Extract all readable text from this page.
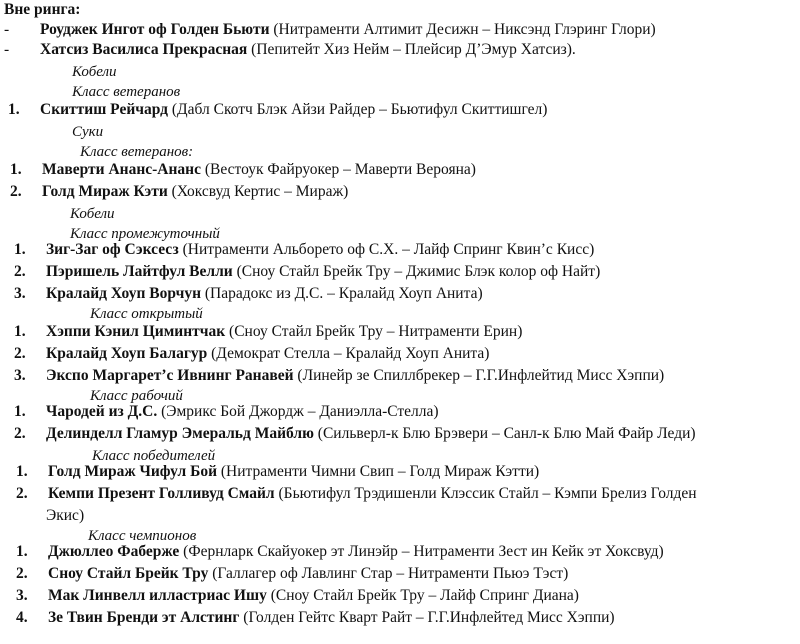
Вне ринга:
-	Роуджек Ингот оф Голден Бьюти (Нитраменти Алтимит Десижн – Никсэнд Глэринг Глори)
-	Хатсиз Василиса Прекрасная (Пепитейт Хиз Нейм – Плейсир Д’Эмур Хатсиз).
Кобели
Класс ветеранов
1.	Скиттиш Рейчард (Дабл Скотч Блэк Айзи Райдер – Бьютифул Скиттишгел)
Суки
Класс ветеранов:
1.	Маверти Ананс-Ананс (Вестоук Файруокер – Маверти Верояна)
2.	Голд Мираж Кэти (Хоксвуд Кертис – Мираж)
Кобели
Класс промежуточный
1.	Зиг-Заг оф Сэксесз (Нитраменти Альборето оф С.Х. – Лайф Спринг Квин’с Кисс)
2.	Пэришель Лайтфул Велли (Сноу Стайл Брейк Тру – Джимис Блэк колор оф Найт)
3.	Кралайд Хоуп Ворчун (Парадокс из Д.С. – Кралайд Хоуп Анита)
Класс открытый
1.	Хэппи Кэнил Циминтчак (Сноу Стайл Брейк Тру – Нитраменти Ерин)
2.	Кралайд Хоуп Балагур (Демократ Стелла – Кралайд Хоуп Анита)
3.	Экспо Маргарет’с Ивнинг Ранавей (Линейр зе Спиллбрекер – Г.Г.Инфлейтид Мисс Хэппи)
Класс рабочий
1.	Чародей из Д.С. (Эмрикс Бой Джордж – Даниэлла-Стелла)
2.	Делинделл Гламур Эмеральд Майблю (Сильверл-к Блю Брэвери – Санл-к Блю Май Файр Леди)
Класс победителей
1.	Голд Мираж Чифул Бой (Нитраменти Чимни Свип – Голд Мираж Кэтти)
2.	Кемпи Презент Голливуд Смайл (Бьютифул Трэдишенли Клэссик Стайл – Кэмпи Брелиз Голден
Экис)
Класс чемпионов
1.	Джюллео Фаберже (Фернларк Скайуокер эт Линэйр – Нитраменти Зест ин Кейк эт Хоксвуд)
2.	Сноу Стайл Брейк Тру (Галлагер оф Лавлинг Стар – Нитраменти Пьюэ Тэст)
3.	Мак Линвелл илластриас Ишу (Сноу Стайл Брейк Тру – Лайф Спринг Диана)
4.	Зе Твин Бренди эт Алстинг (Голден Гейтс Кварт Райт – Г.Г.Инфлейтед Мисс Хэппи)
